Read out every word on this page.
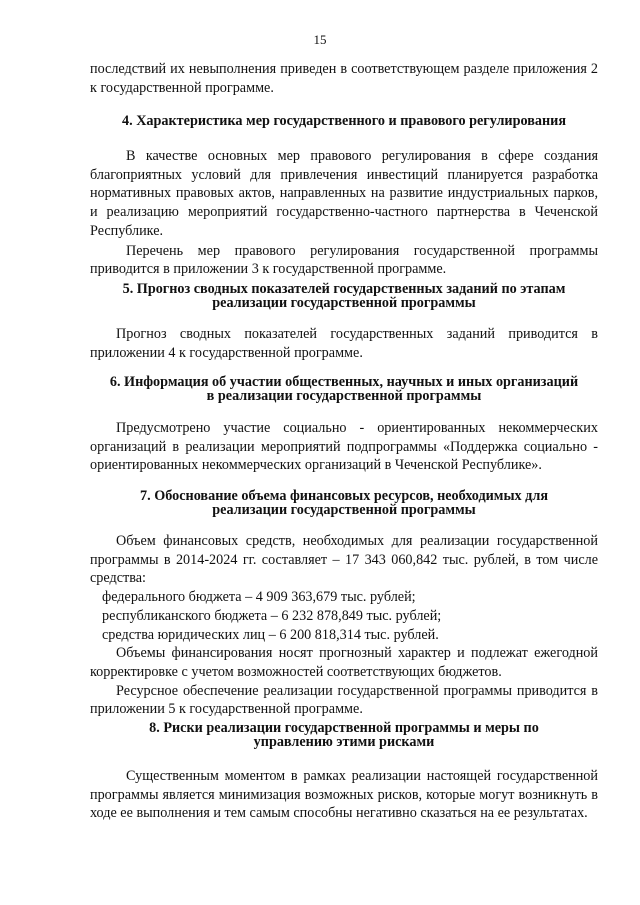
15

последствий их невыполнения приведен в соответствующем разделе приложения 2 к государственной программе.

4. Характеристика мер государственного и правового регулирования

В качестве основных мер правового регулирования в сфере создания благоприятных условий для привлечения инвестиций планируется разработка нормативных правовых актов, направленных на развитие индустриальных парков, и реализацию мероприятий государственно-частного партнерства в Чеченской Республике.

Перечень мер правового регулирования государственной программы приводится в приложении 3 к государственной программе.

5. Прогноз сводных показателей государственных заданий по этапам
реализации государственной программы

Прогноз сводных показателей государственных заданий приводится в приложении 4 к государственной программе.

6. Информация об участии общественных, научных и иных организаций
в реализации государственной программы

Предусмотрено участие социально - ориентированных некоммерческих организаций в реализации мероприятий подпрограммы «Поддержка социально - ориентированных некоммерческих организаций в Чеченской Республике».

7. Обоснование объема финансовых ресурсов, необходимых для
реализации государственной программы

Объем финансовых средств, необходимых для реализации государственной программы в 2014-2024 гг. составляет – 17 343 060,842 тыс. рублей, в том числе средства:

федерального бюджета – 4 909 363,679 тыс. рублей;

республиканского бюджета – 6 232 878,849 тыс. рублей;

средства юридических лиц – 6 200 818,314 тыс. рублей.

Объемы финансирования носят прогнозный характер и подлежат ежегодной корректировке с учетом возможностей соответствующих бюджетов.

Ресурсное обеспечение реализации государственной программы приводится в приложении 5 к государственной программе.

8. Риски реализации государственной программы и меры по
управлению этими рисками

Существенным моментом в рамках реализации настоящей государственной программы является минимизация возможных рисков, которые могут возникнуть в ходе ее выполнения и тем самым способны негативно сказаться на ее результатах.
